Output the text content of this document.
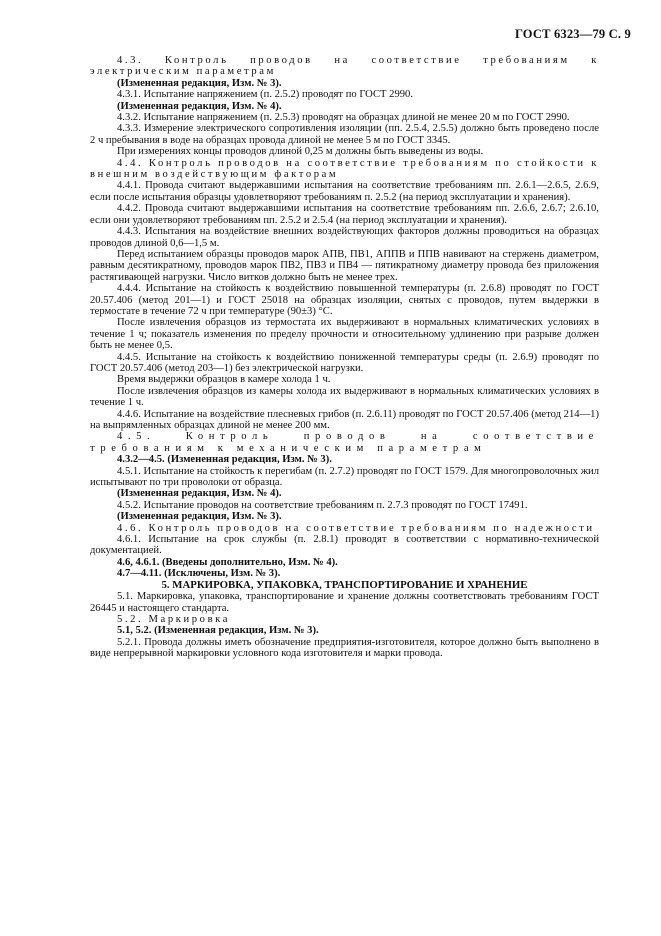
ГОСТ 6323—79 С. 9

4.3. Контроль проводов на соответствие требованиям к электрическим параметрам

(Измененная редакция, Изм. № 3).

4.3.1. Испытание напряжением (п. 2.5.2) проводят по ГОСТ 2990.

(Измененная редакция, Изм. № 4).

4.3.2. Испытание напряжением (п. 2.5.3) проводят на образцах длиной не менее 20 м по ГОСТ 2990.

4.3.3. Измерение электрического сопротивления изоляции (пп. 2.5.4, 2.5.5) должно быть проведено после 2 ч пребывания в воде на образцах провода длиной не менее 5 м по ГОСТ 3345.

При измерениях концы проводов длиной 0,25 м должны быть выведены из воды.

4.4. Контроль проводов на соответствие требованиям по стойкости к внешним воздействующим факторам

4.4.1. Провода считают выдержавшими испытания на соответствие требованиям пп. 2.6.1—2.6.5, 2.6.9, если после испытания образцы удовлетворяют требованиям п. 2.5.2 (на период эксплуатации и хранения).

4.4.2. Провода считают выдержавшими испытания на соответствие требованиям пп. 2.6.6, 2.6.7; 2.6.10, если они удовлетворяют требованиям пп. 2.5.2 и 2.5.4 (на период эксплуатации и хранения).

4.4.3. Испытания на воздействие внешних воздействующих факторов должны проводиться на образцах проводов длиной 0,6—1,5 м.

Перед испытанием образцы проводов марок АПВ, ПВ1, АППВ и ППВ навивают на стержень диаметром, равным десятикратному, проводов марок ПВ2, ПВ3 и ПВ4 — пятикратному диаметру провода без приложения растягивающей нагрузки. Число витков должно быть не менее трех.

4.4.4. Испытание на стойкость к воздействию повышенной температуры (п. 2.6.8) проводят по ГОСТ 20.57.406 (метод 201—1) и ГОСТ 25018 на образцах изоляции, снятых с проводов, путем выдержки в термостате в течение 72 ч при температуре (90±3) °С.

После извлечения образцов из термостата их выдерживают в нормальных климатических условиях в течение 1 ч; показатель изменения по пределу прочности и относительному удлинению при разрыве должен быть не менее 0,5.

4.4.5. Испытание на стойкость к воздействию пониженной температуры среды (п. 2.6.9) проводят по ГОСТ 20.57.406 (метод 203—1) без электрической нагрузки.

Время выдержки образцов в камере холода 1 ч.

После извлечения образцов из камеры холода их выдерживают в нормальных климатических условиях в течение 1 ч.

4.4.6. Испытание на воздействие плесневых грибов (п. 2.6.11) проводят по ГОСТ 20.57.406 (метод 214—1) на выпрямленных образцах длиной не менее 200 мм.

4.5. Контроль проводов на соответствие требованиям к механическим параметрам

4.3.2—4.5. (Измененная редакция, Изм. № 3).

4.5.1. Испытание на стойкость к перегибам (п. 2.7.2) проводят по ГОСТ 1579. Для многопроволочных жил испытывают по три проволоки от образца.

(Измененная редакция, Изм. № 4).

4.5.2. Испытание проводов на соответствие требованиям п. 2.7.3 проводят по ГОСТ 17491.

(Измененная редакция, Изм. № 3).

4.6. Контроль проводов на соответствие требованиям по надежности

4.6.1. Испытание на срок службы (п. 2.8.1) проводят в соответствии с нормативно-технической документацией.

4.6, 4.6.1. (Введены дополнительно, Изм. № 4).

4.7—4.11. (Исключены, Изм. № 3).

5. МАРКИРОВКА, УПАКОВКА, ТРАНСПОРТИРОВАНИЕ И ХРАНЕНИЕ

5.1. Маркировка, упаковка, транспортирование и хранение должны соответствовать требованиям ГОСТ 26445 и настоящего стандарта.

5.2. Маркировка

5.1, 5.2. (Измененная редакция, Изм. № 3).

5.2.1. Провода должны иметь обозначение предприятия-изготовителя, которое должно быть выполнено в виде непрерывной маркировки условного кода изготовителя и марки провода.
